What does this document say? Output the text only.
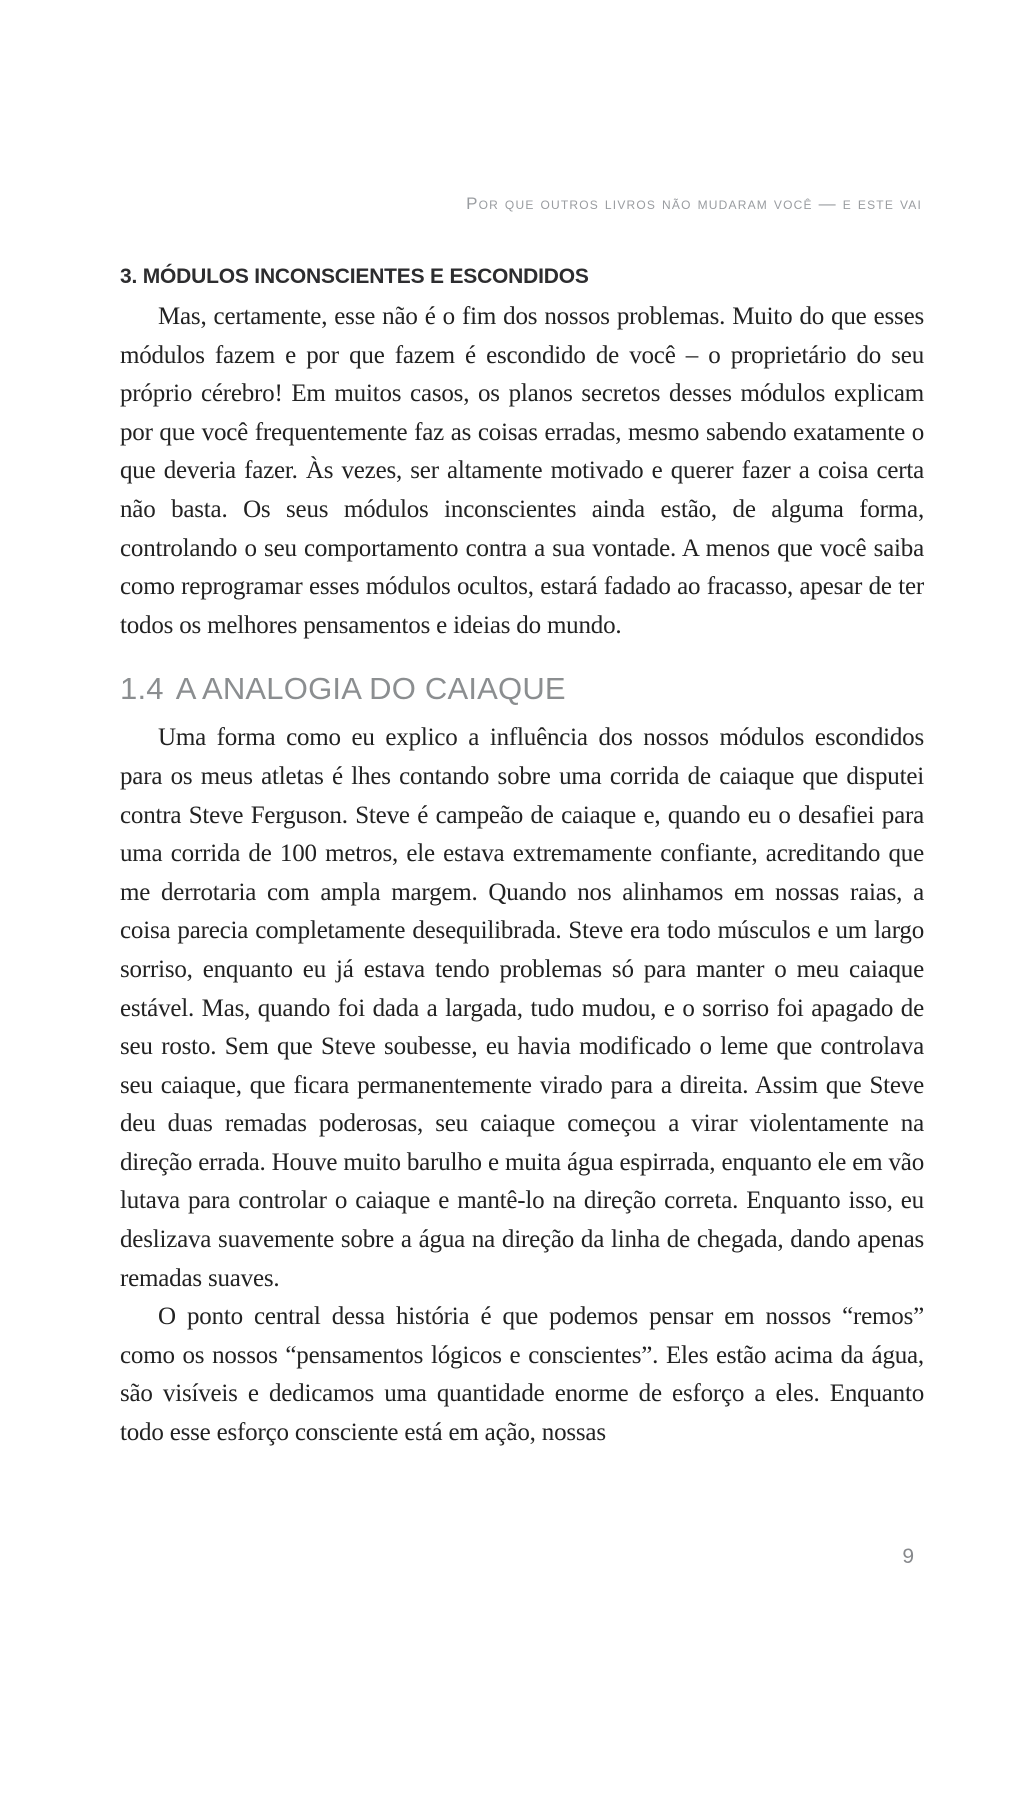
Por que outros livros não mudaram você — e este vai
3. MÓDULOS INCONSCIENTES E ESCONDIDOS

Mas, certamente, esse não é o fim dos nossos problemas. Muito do que esses módulos fazem e por que fazem é escondido de você – o proprietário do seu próprio cérebro! Em muitos casos, os planos secretos desses módulos explicam por que você frequentemente faz as coisas erradas, mesmo sabendo exatamente o que deveria fazer. Às vezes, ser altamente motivado e querer fazer a coisa certa não basta. Os seus módulos inconscientes ainda estão, de alguma forma, controlando o seu comportamento contra a sua vontade. A menos que você saiba como reprogramar esses módulos ocultos, estará fadado ao fracasso, apesar de ter todos os melhores pensamentos e ideias do mundo.

1.4 A ANALOGIA DO CAIAQUE

Uma forma como eu explico a influência dos nossos módulos escondidos para os meus atletas é lhes contando sobre uma corrida de caiaque que disputei contra Steve Ferguson. Steve é campeão de caiaque e, quando eu o desafiei para uma corrida de 100 metros, ele estava extremamente confiante, acreditando que me derrotaria com ampla margem. Quando nos alinhamos em nossas raias, a coisa parecia completamente desequilibrada. Steve era todo músculos e um largo sorriso, enquanto eu já estava tendo problemas só para manter o meu caiaque estável. Mas, quando foi dada a largada, tudo mudou, e o sorriso foi apagado de seu rosto. Sem que Steve soubesse, eu havia modificado o leme que controlava seu caiaque, que ficara permanentemente virado para a direita. Assim que Steve deu duas remadas poderosas, seu caiaque começou a virar violentamente na direção errada. Houve muito barulho e muita água espirrada, enquanto ele em vão lutava para controlar o caiaque e mantê-lo na direção correta. Enquanto isso, eu deslizava suavemente sobre a água na direção da linha de chegada, dando apenas remadas suaves.

O ponto central dessa história é que podemos pensar em nossos “remos” como os nossos “pensamentos lógicos e conscientes”. Eles estão acima da água, são visíveis e dedicamos uma quantidade enorme de esforço a eles. Enquanto todo esse esforço consciente está em ação, nossas

9
